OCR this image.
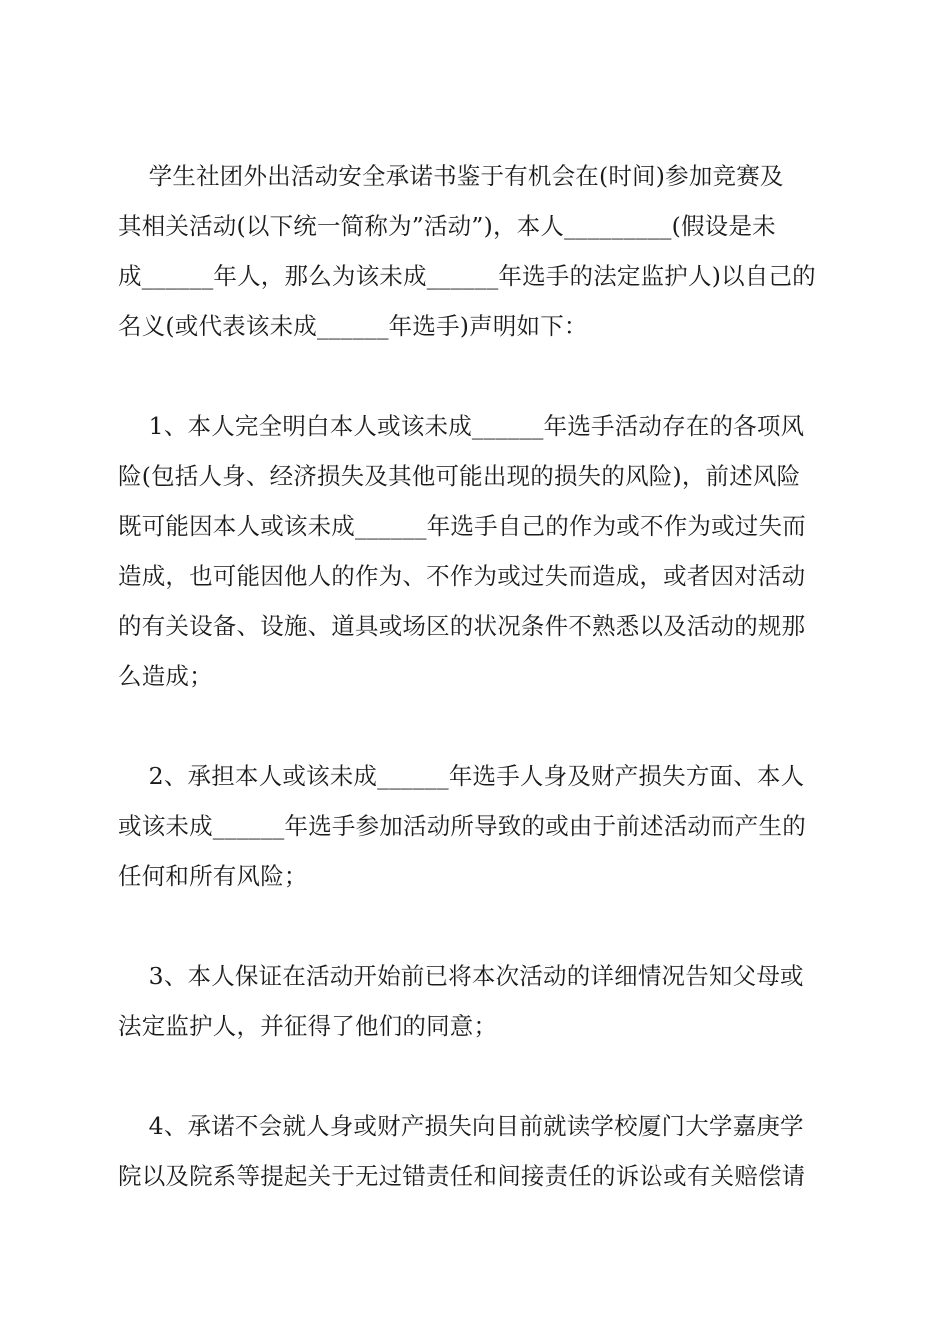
学生社团外出活动安全承诺书鉴于有机会在(时间)参加竞赛及
其相关活动(以下统一简称为”活动”)，本人_________(假设是未
成______年人，那么为该未成______年选手的法定监护人)以自己的
名义(或代表该未成______年选手)声明如下：
1、本人完全明白本人或该未成______年选手活动存在的各项风
险(包括人身、经济损失及其他可能出现的损失的风险)，前述风险
既可能因本人或该未成______年选手自己的作为或不作为或过失而
造成，也可能因他人的作为、不作为或过失而造成，或者因对活动
的有关设备、设施、道具或场区的状况条件不熟悉以及活动的规那
么造成；
2、承担本人或该未成______年选手人身及财产损失方面、本人
或该未成______年选手参加活动所导致的或由于前述活动而产生的
任何和所有风险；
3、本人保证在活动开始前已将本次活动的详细情况告知父母或
法定监护人，并征得了他们的同意；
4、承诺不会就人身或财产损失向目前就读学校厦门大学嘉庚学
院以及院系等提起关于无过错责任和间接责任的诉讼或有关赔偿请
